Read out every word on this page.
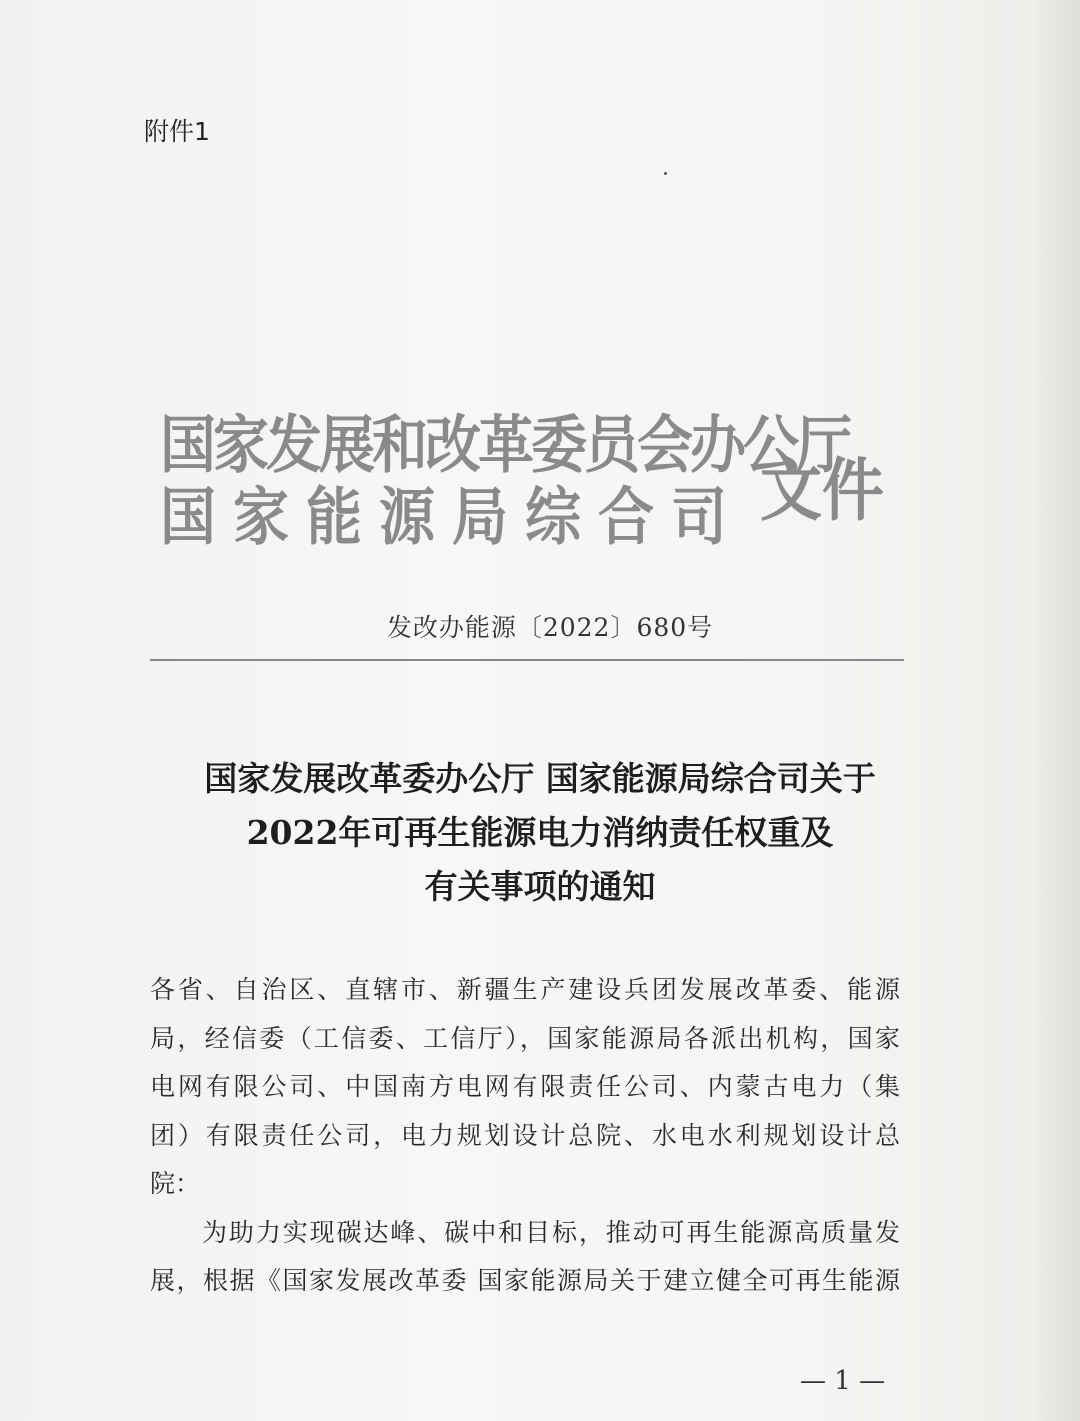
附件1
国家发展和改革委员会办公厅
国家能源局综合司 文件
发改办能源〔2022〕680号
国家发展改革委办公厅 国家能源局综合司关于
2022年可再生能源电力消纳责任权重及
有关事项的通知
各省、自治区、直辖市、新疆生产建设兵团发展改革委、能源
局，经信委（工信委、工信厅），国家能源局各派出机构，国家
电网有限公司、中国南方电网有限责任公司、内蒙古电力（集
团）有限责任公司，电力规划设计总院、水电水利规划设计总
院：
为助力实现碳达峰、碳中和目标，推动可再生能源高质量发
展，根据《国家发展改革委 国家能源局关于建立健全可再生能源
— 1 —
